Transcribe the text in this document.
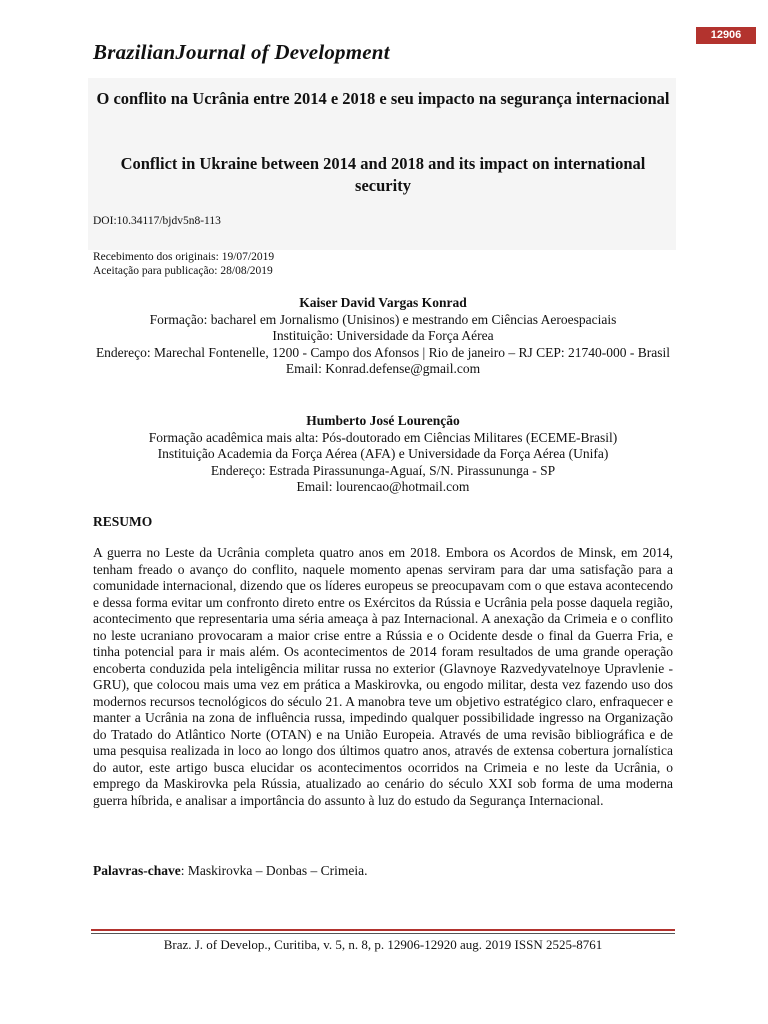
12906
BrazilianJournal of Development
O conflito na Ucrânia entre 2014 e 2018 e seu impacto na segurança internacional
Conflict in Ukraine between 2014 and 2018 and its impact on international security
DOI:10.34117/bjdv5n8-113
Recebimento dos originais: 19/07/2019
Aceitação para publicação: 28/08/2019
Kaiser David Vargas Konrad
Formação: bacharel em Jornalismo (Unisinos) e mestrando em Ciências Aeroespaciais
Instituição: Universidade da Força Aérea
Endereço: Marechal Fontenelle, 1200 - Campo dos Afonsos | Rio de janeiro – RJ CEP: 21740-000 - Brasil
Email: Konrad.defense@gmail.com
Humberto José Lourenção
Formação acadêmica mais alta: Pós-doutorado em Ciências Militares (ECEME-Brasil)
Instituição Academia da Força Aérea (AFA) e Universidade da Força Aérea (Unifa)
Endereço: Estrada Pirassununga-Aguaí, S/N. Pirassununga - SP
Email: lourencao@hotmail.com
RESUMO
A guerra no Leste da Ucrânia completa quatro anos em 2018. Embora os Acordos de Minsk, em 2014, tenham freado o avanço do conflito, naquele momento apenas serviram para dar uma satisfação para a comunidade internacional, dizendo que os líderes europeus se preocupavam com o que estava acontecendo e dessa forma evitar um confronto direto entre os Exércitos da Rússia e Ucrânia pela posse daquela região, acontecimento que representaria uma séria ameaça à paz Internacional. A anexação da Crimeia e o conflito no leste ucraniano provocaram a maior crise entre a Rússia e o Ocidente desde o final da Guerra Fria, e tinha potencial para ir mais além. Os acontecimentos de 2014 foram resultados de uma grande operação encoberta conduzida pela inteligência militar russa no exterior (Glavnoye Razvedyvatelnoye Upravlenie - GRU), que colocou mais uma vez em prática a Maskirovka, ou engodo militar, desta vez fazendo uso dos modernos recursos tecnológicos do século 21. A manobra teve um objetivo estratégico claro, enfraquecer e manter a Ucrânia na zona de influência russa, impedindo qualquer possibilidade ingresso na Organização do Tratado do Atlântico Norte (OTAN) e na União Europeia. Através de uma revisão bibliográfica e de uma pesquisa realizada in loco ao longo dos últimos quatro anos, através de extensa cobertura jornalística do autor, este artigo busca elucidar os acontecimentos ocorridos na Crimeia e no leste da Ucrânia, o emprego da Maskirovka pela Rússia, atualizado ao cenário do século XXI sob forma de uma moderna guerra híbrida, e analisar a importância do assunto à luz do estudo da Segurança Internacional.
Palavras-chave: Maskirovka – Donbas – Crimeia.
Braz. J. of Develop., Curitiba, v. 5, n. 8, p. 12906-12920 aug. 2019 ISSN 2525-8761
